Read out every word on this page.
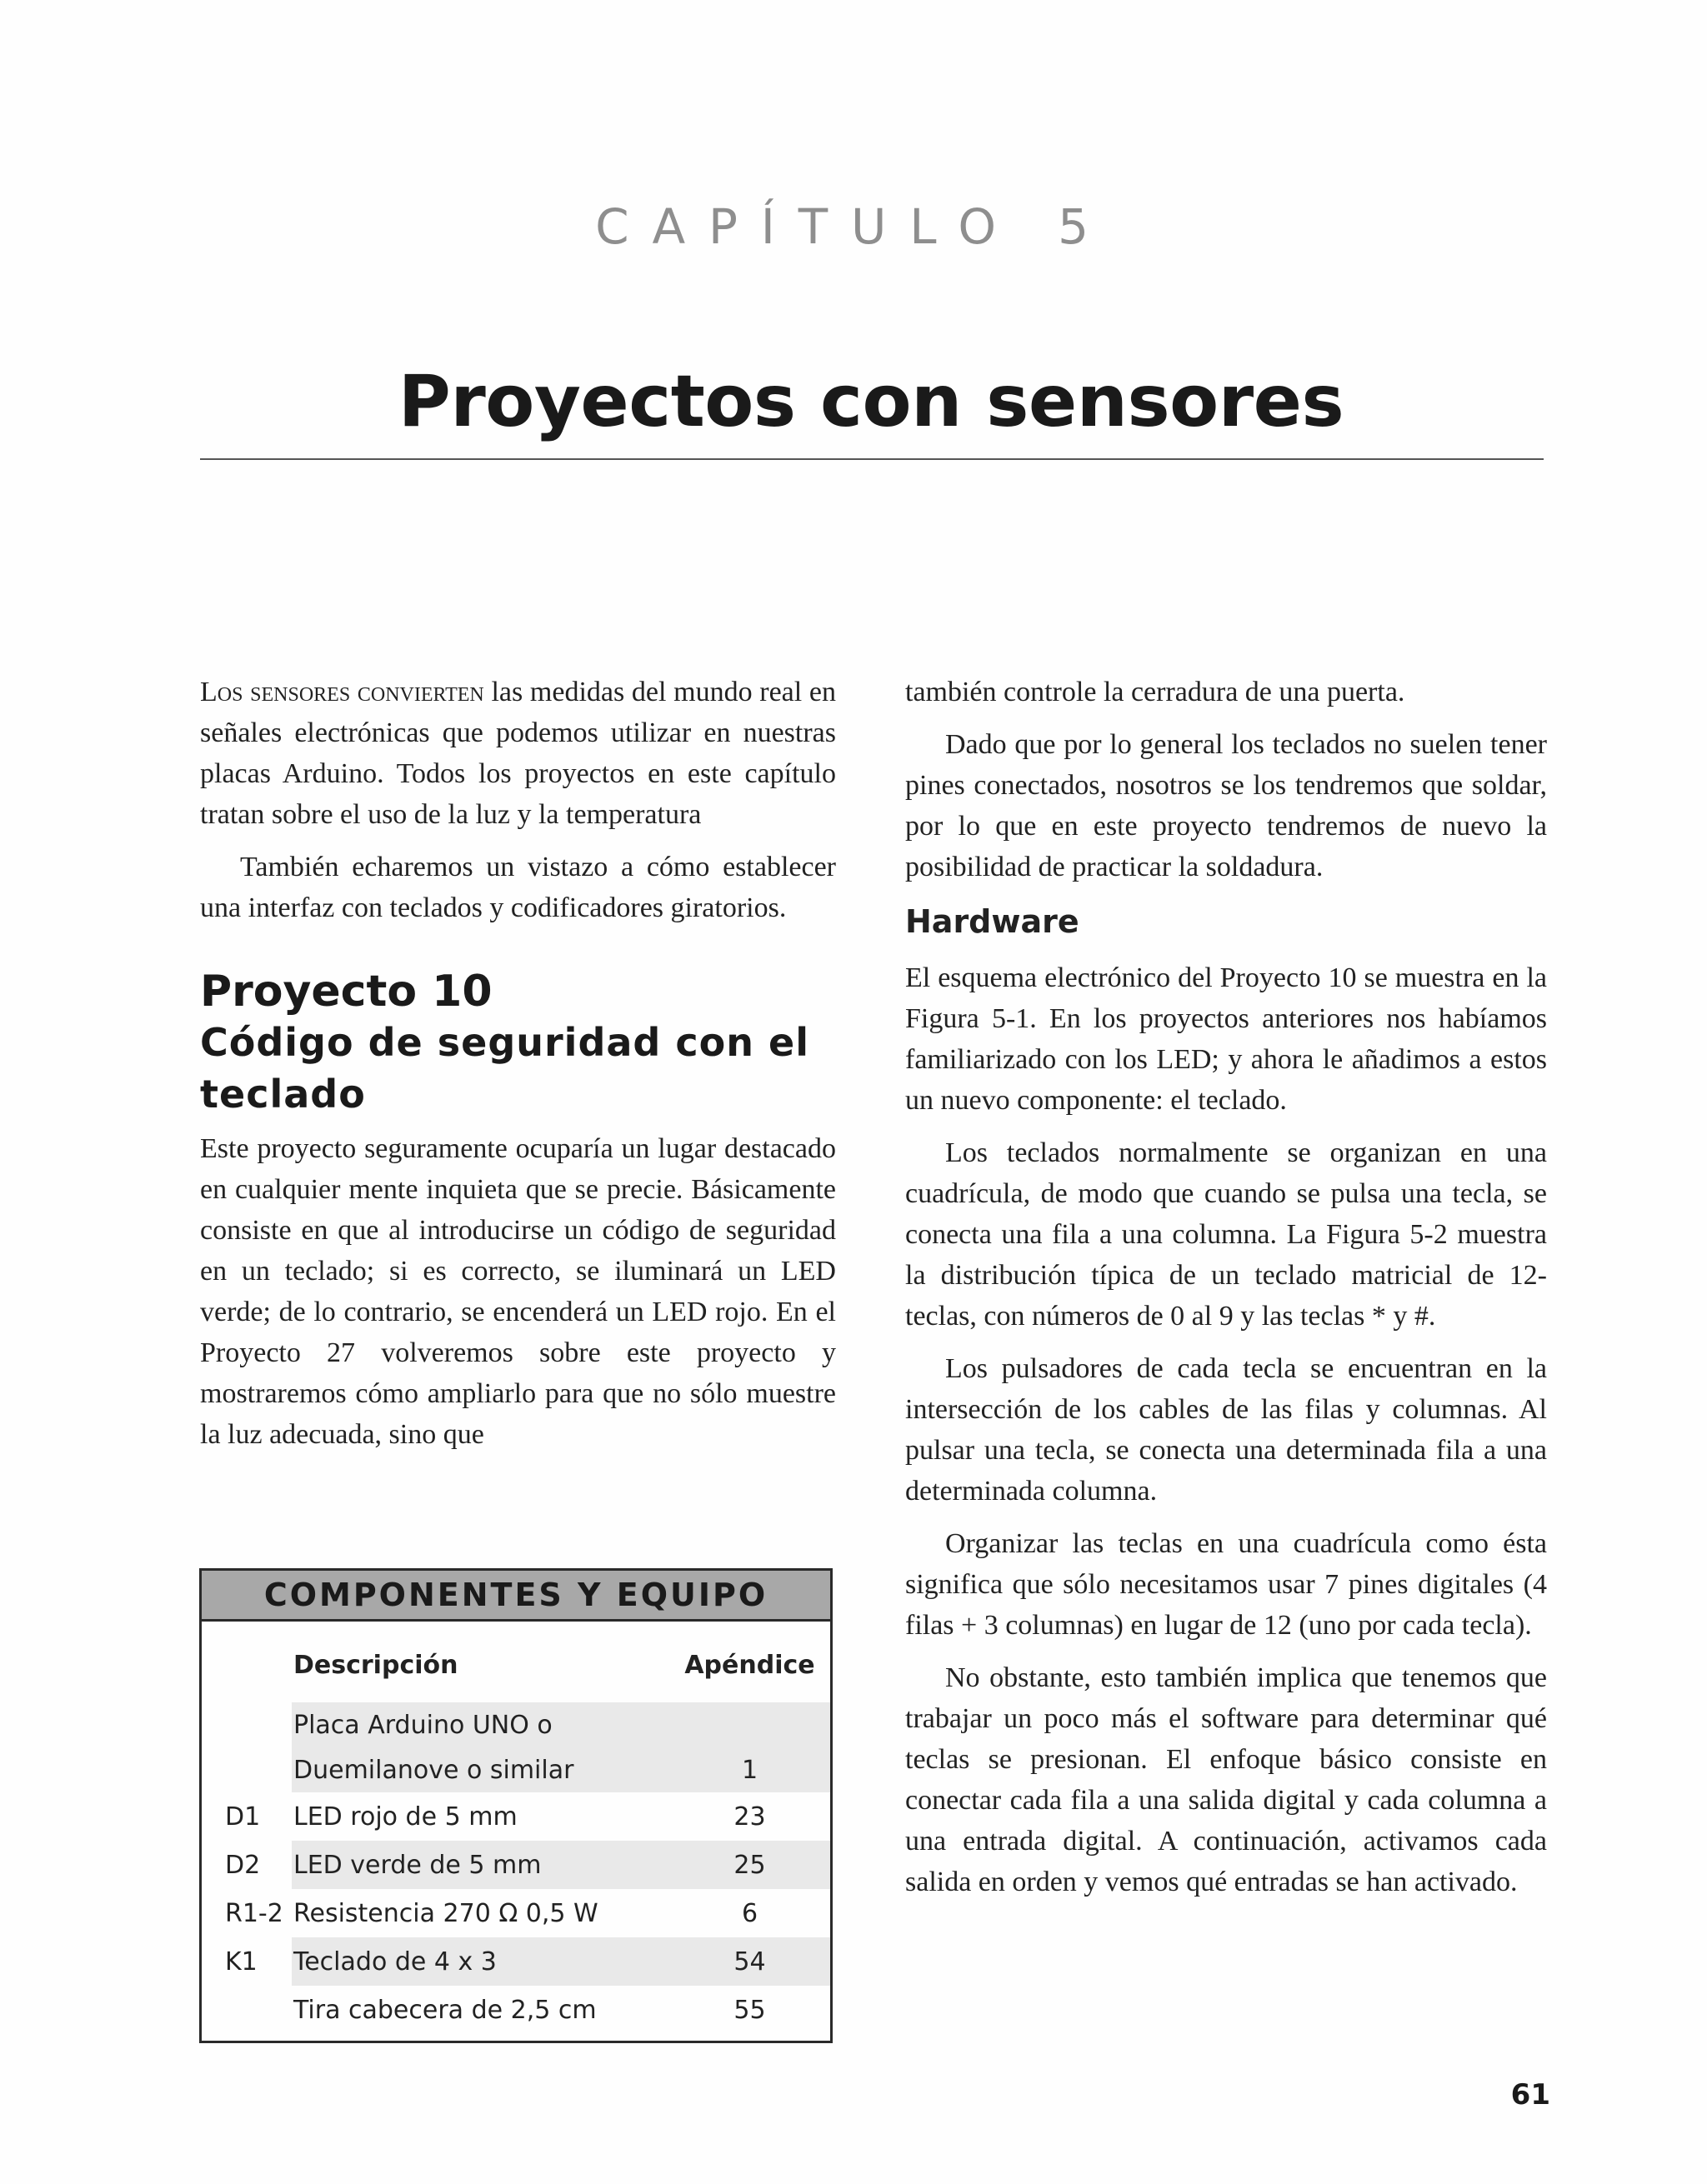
CAPÍTULO 5
Proyectos con sensores

Los sensores convierten las medidas del mundo real en señales electrónicas que podemos utilizar en nuestras placas Arduino. Todos los proyectos en este capítulo tratan sobre el uso de la luz y la temperatura

También echaremos un vistazo a cómo establecer una interfaz con teclados y codificadores giratorios.

Proyecto 10
Código de seguridad con el teclado

Este proyecto seguramente ocuparía un lugar destacado en cualquier mente inquieta que se precie. Básicamente consiste en que al introducirse un código de seguridad en un teclado; si es correcto, se iluminará un LED verde; de lo contrario, se encenderá un LED rojo. En el Proyecto 27 volveremos sobre este proyecto y mostraremos cómo ampliarlo para que no sólo muestre la luz adecuada, sino que

COMPONENTES Y EQUIPO
	Descripción	Apéndice
	Placa Arduino UNO o	
	Duemilanove o similar	1
D1	LED rojo de 5 mm	23
D2	LED verde de 5 mm	25
R1-2	Resistencia 270 Ω 0,5 W	6
K1	Teclado de 4 x 3	54
	Tira cabecera de 2,5 cm	55

también controle la cerradura de una puerta.

Dado que por lo general los teclados no suelen tener pines conectados, nosotros se los tendremos que soldar, por lo que en este proyecto tendremos de nuevo la posibilidad de practicar la soldadura.

Hardware

El esquema electrónico del Proyecto 10 se muestra en la Figura 5-1. En los proyectos anteriores nos habíamos familiarizado con los LED; y ahora le añadimos a estos un nuevo componente: el teclado.

Los teclados normalmente se organizan en una cuadrícula, de modo que cuando se pulsa una tecla, se conecta una fila a una columna. La Figura 5-2 muestra la distribución típica de un teclado matricial de 12-teclas, con números de 0 al 9 y las teclas * y #.

Los pulsadores de cada tecla se encuentran en la intersección de los cables de las filas y columnas. Al pulsar una tecla, se conecta una determinada fila a una determinada columna.

Organizar las teclas en una cuadrícula como ésta significa que sólo necesitamos usar 7 pines digitales (4 filas + 3 columnas) en lugar de 12 (uno por cada tecla).

No obstante, esto también implica que tenemos que trabajar un poco más el software para determinar qué teclas se presionan. El enfoque básico consiste en conectar cada fila a una salida digital y cada columna a una entrada digital. A continuación, activamos cada salida en orden y vemos qué entradas se han activado.

61
